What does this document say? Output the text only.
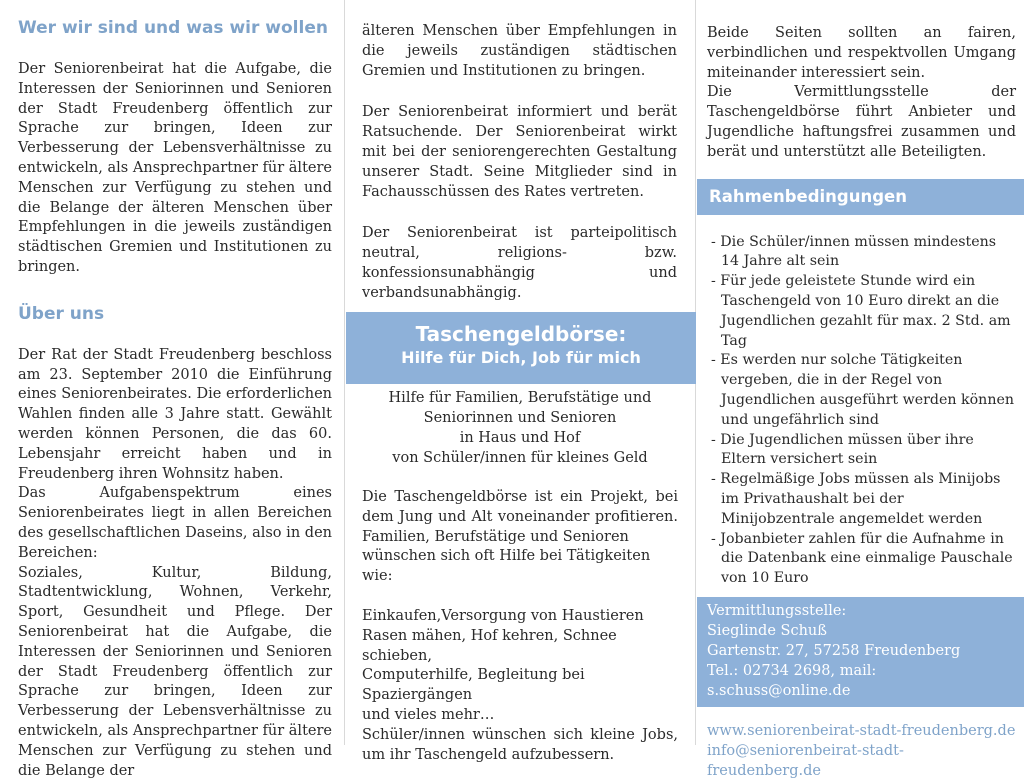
Wer wir sind und was wir wollen

Der Seniorenbeirat hat die Aufgabe, die Interessen der Seniorinnen und Senioren der Stadt Freudenberg öffentlich zur Sprache zur bringen, Ideen zur Verbesserung der Lebensverhältnisse zu entwickeln, als Ansprechpartner für ältere Menschen zur Verfügung zu stehen und die Belange der älteren Menschen über Empfehlungen in die jeweils zuständigen städtischen Gremien und Institutionen zu bringen.

Über uns

Der Rat der Stadt Freudenberg beschloss am 23. September 2010 die Einführung eines Seniorenbeirates. Die erforderlichen Wahlen finden alle 3 Jahre statt. Gewählt werden können Personen, die das 60. Lebensjahr erreicht haben und in Freudenberg ihren Wohnsitz haben.

Das Aufgabenspektrum eines Seniorenbeirates liegt in allen Bereichen des gesellschaftlichen Daseins, also in den Bereichen:

Soziales, Kultur, Bildung, Stadtentwicklung, Wohnen, Verkehr, Sport, Gesundheit und Pflege. Der Seniorenbeirat hat die Aufgabe, die Interessen der Seniorinnen und Senioren der Stadt Freudenberg öffentlich zur Sprache zur bringen, Ideen zur Verbesserung der Lebensverhältnisse zu entwickeln, als Ansprechpartner für ältere Menschen zur Verfügung zu stehen und die Belange der

älteren Menschen über Empfehlungen in die jeweils zuständigen städtischen Gremien und Institutionen zu bringen.

Der Seniorenbeirat informiert und berät Ratsuchende. Der Seniorenbeirat wirkt mit bei der seniorengerechten Gestaltung unserer Stadt. Seine Mitglieder sind in Fachausschüssen des Rates vertreten.

Der Seniorenbeirat ist parteipolitisch neutral, religions- bzw. konfessionsunabhängig und verbandsunabhängig.

Taschengeldbörse:
Hilfe für Dich, Job für mich
Hilfe für Familien, Berufstätige und
Seniorinnen und Senioren
in Haus und Hof
von Schüler/innen für kleines Geld

Die Taschengeldbörse ist ein Projekt, bei dem Jung und Alt voneinander profitieren. Familien, Berufstätige und Senioren

wünschen sich oft Hilfe bei Tätigkeiten wie:

Einkaufen,Versorgung von Haustieren
Rasen mähen, Hof kehren, Schnee schieben,
Computerhilfe, Begleitung bei Spaziergängen
und vieles mehr…
Schüler/innen wünschen sich kleine Jobs, um ihr Taschengeld aufzubessern.

Beide Seiten sollten an fairen, verbindlichen und respektvollen Umgang miteinander interessiert sein.

Die Vermittlungsstelle der Taschengeldbörse führt Anbieter und Jugendliche haftungsfrei zusammen und berät und unterstützt alle Beteiligten.

Rahmenbedingungen
- Die Schüler/innen müssen mindestens 14 Jahre alt sein
- Für jede geleistete Stunde wird ein Taschengeld von 10 Euro direkt an die Jugendlichen gezahlt für max. 2 Std. am Tag
- Es werden nur solche Tätigkeiten vergeben, die in der Regel von Jugendlichen ausgeführt werden können und ungefährlich sind
- Die Jugendlichen müssen über ihre Eltern versichert sein
- Regelmäßige Jobs müssen als Minijobs im Privathaushalt bei der Minijobzentrale angemeldet werden
- Jobanbieter zahlen für die Aufnahme in die Datenbank eine einmalige Pauschale von 10 Euro
Vermittlungsstelle:
Sieglinde Schuß
Gartenstr. 27, 57258 Freudenberg
Tel.: 02734 2698, mail: s.schuss@online.de
www.seniorenbeirat-stadt-freudenberg.de
info@seniorenbeirat-stadt-freudenberg.de
